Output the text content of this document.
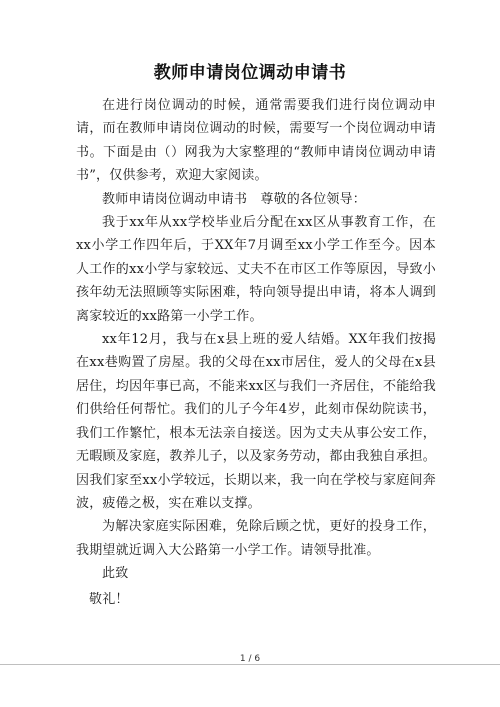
教师申请岗位调动申请书

在进行岗位调动的时候，通常需要我们进行岗位调动申请，而在教师申请岗位调动的时候，需要写一个岗位调动申请书。下面是由（）网我为大家整理的“教师申请岗位调动申请书”，仅供参考，欢迎大家阅读。

教师申请岗位调动申请书　尊敬的各位领导：

我于xx年从xx学校毕业后分配在xx区从事教育工作，在xx小学工作四年后，于XX年7月调至xx小学工作至今。因本人工作的xx小学与家较远、丈夫不在市区工作等原因，导致小孩年幼无法照顾等实际困难，特向领导提出申请，将本人调到离家较近的xx路第一小学工作。

xx年12月，我与在x县上班的爱人结婚。XX年我们按揭在xx巷购置了房屋。我的父母在xx市居住，爱人的父母在x县居住，均因年事已高，不能来xx区与我们一齐居住，不能给我们供给任何帮忙。我们的儿子今年4岁，此刻市保幼院读书，我们工作繁忙，根本无法亲自接送。因为丈夫从事公安工作，无暇顾及家庭，教养儿子，以及家务劳动，都由我独自承担。因我们家至xx小学较远，长期以来，我一向在学校与家庭间奔波，疲倦之极，实在难以支撑。

为解决家庭实际困难，免除后顾之忧，更好的投身工作，我期望就近调入大公路第一小学工作。请领导批准。

此致

敬礼！

1 / 6
